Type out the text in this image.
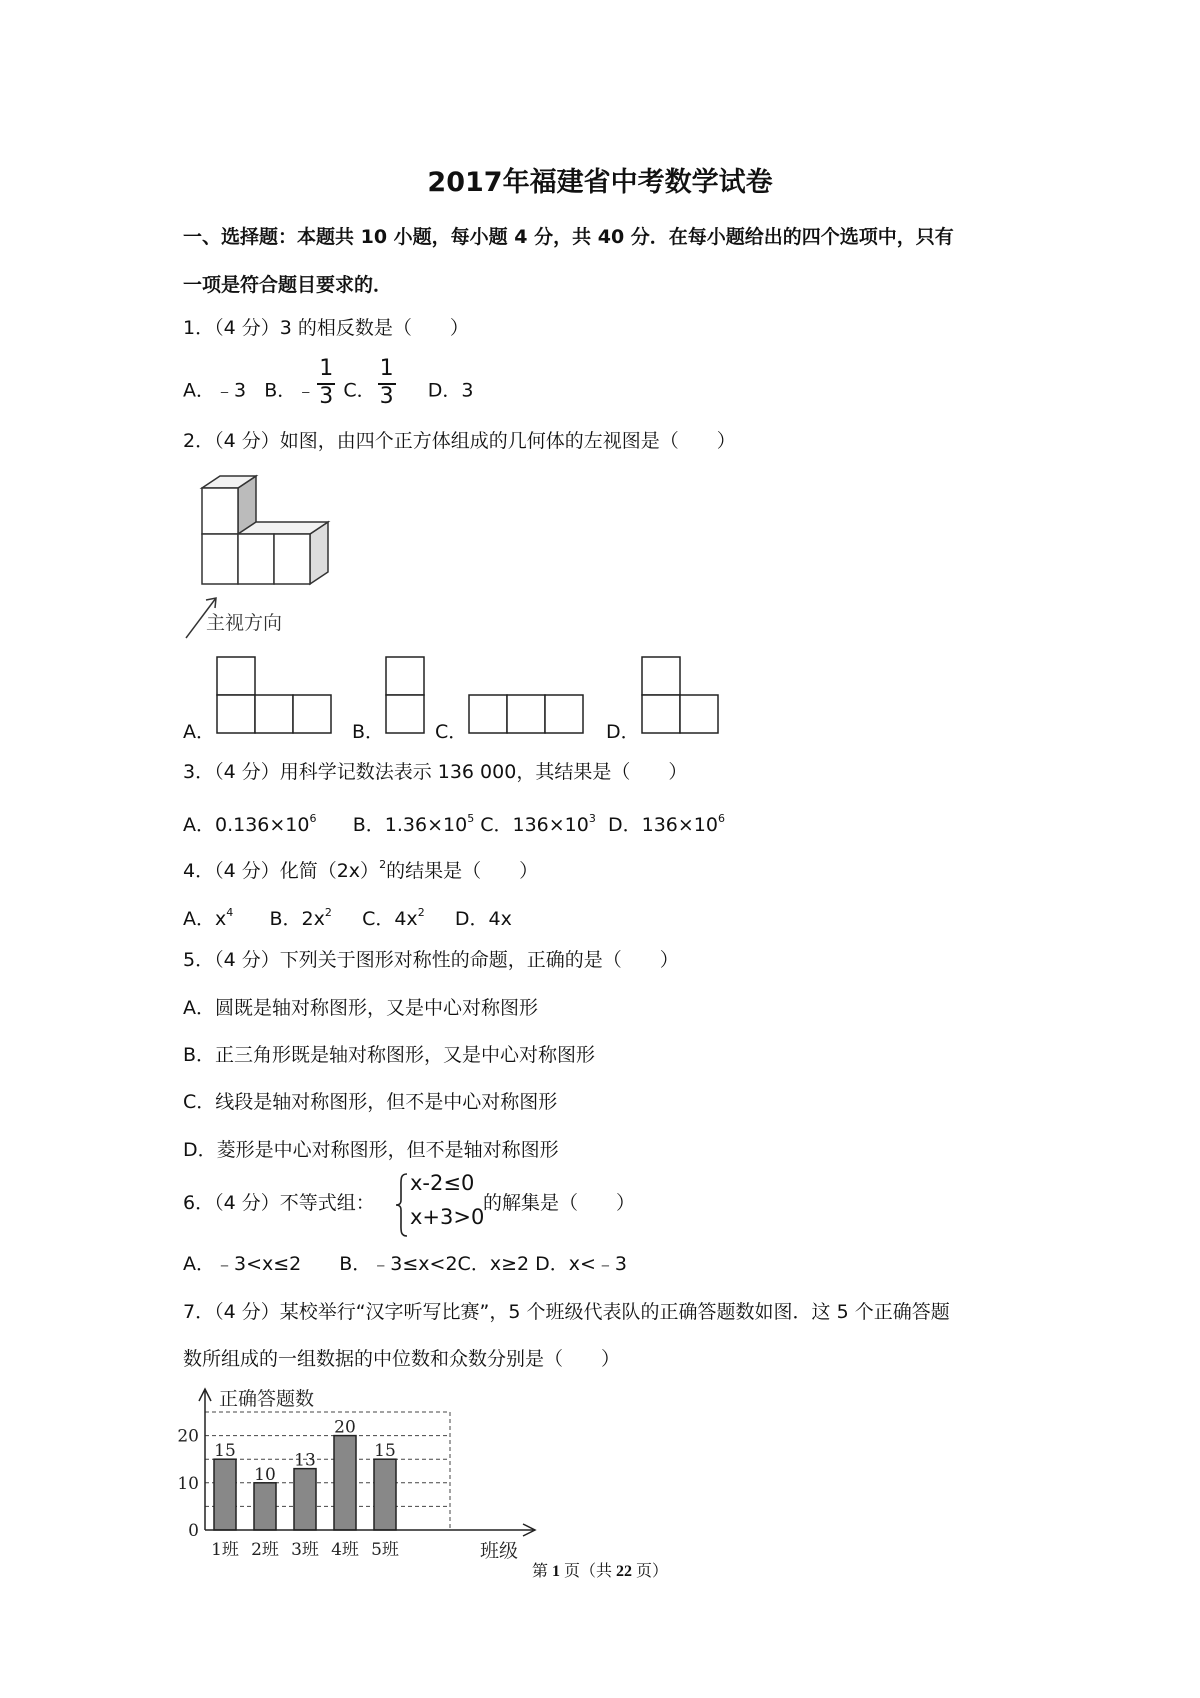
2017年福建省中考数学试卷
一、选择题：本题共 10 小题，每小题 4 分，共 40 分．在每小题给出的四个选项中，只有
一项是符合题目要求的．
1．（4 分）3 的相反数是（　　）
A．﹣3 B．﹣ $\frac{1}{3}$ C． $\frac{1}{3}$ D．3
2．（4 分）如图，由四个正方体组成的几何体的左视图是（　　）
主视方向
A．	B．	C．	D．
3．（4 分）用科学记数法表示 136 000，其结果是（　　）
A．$0.136\times 10^6$ B．$1.36\times 10^5$ C．$136\times 10^3$ D．$136\times 10^6$
4．（4 分）化简$(2x)^2$的结果是（　　）
A．$x^4$ B．$2x^2$ C．$4x^2$ D．4x
5．（4 分）下列关于图形对称性的命题，正确的是（　　）
A．圆既是轴对称图形，又是中心对称图形
B．正三角形既是轴对称图形，又是中心对称图形
C．线段是轴对称图形，但不是中心对称图形
D．菱形是中心对称图形，但不是轴对称图形
6．（4 分）不等式组：
x-2≤0
x+3>0
的解集是（　　）
A．﹣3<x≤2　　B．﹣3≤x<2C．x≥2 D．x<﹣3
7．（4 分）某校举行“汉字听写比赛”，5 个班级代表队的正确答题数如图．这 5 个正确答题
数所组成的一组数据的中位数和众数分别是（　　）
0
10
20
15
1班
10
2班
13
3班
20
4班
15
5班
正确答题数
班级
第 1 页（共 22 页）
